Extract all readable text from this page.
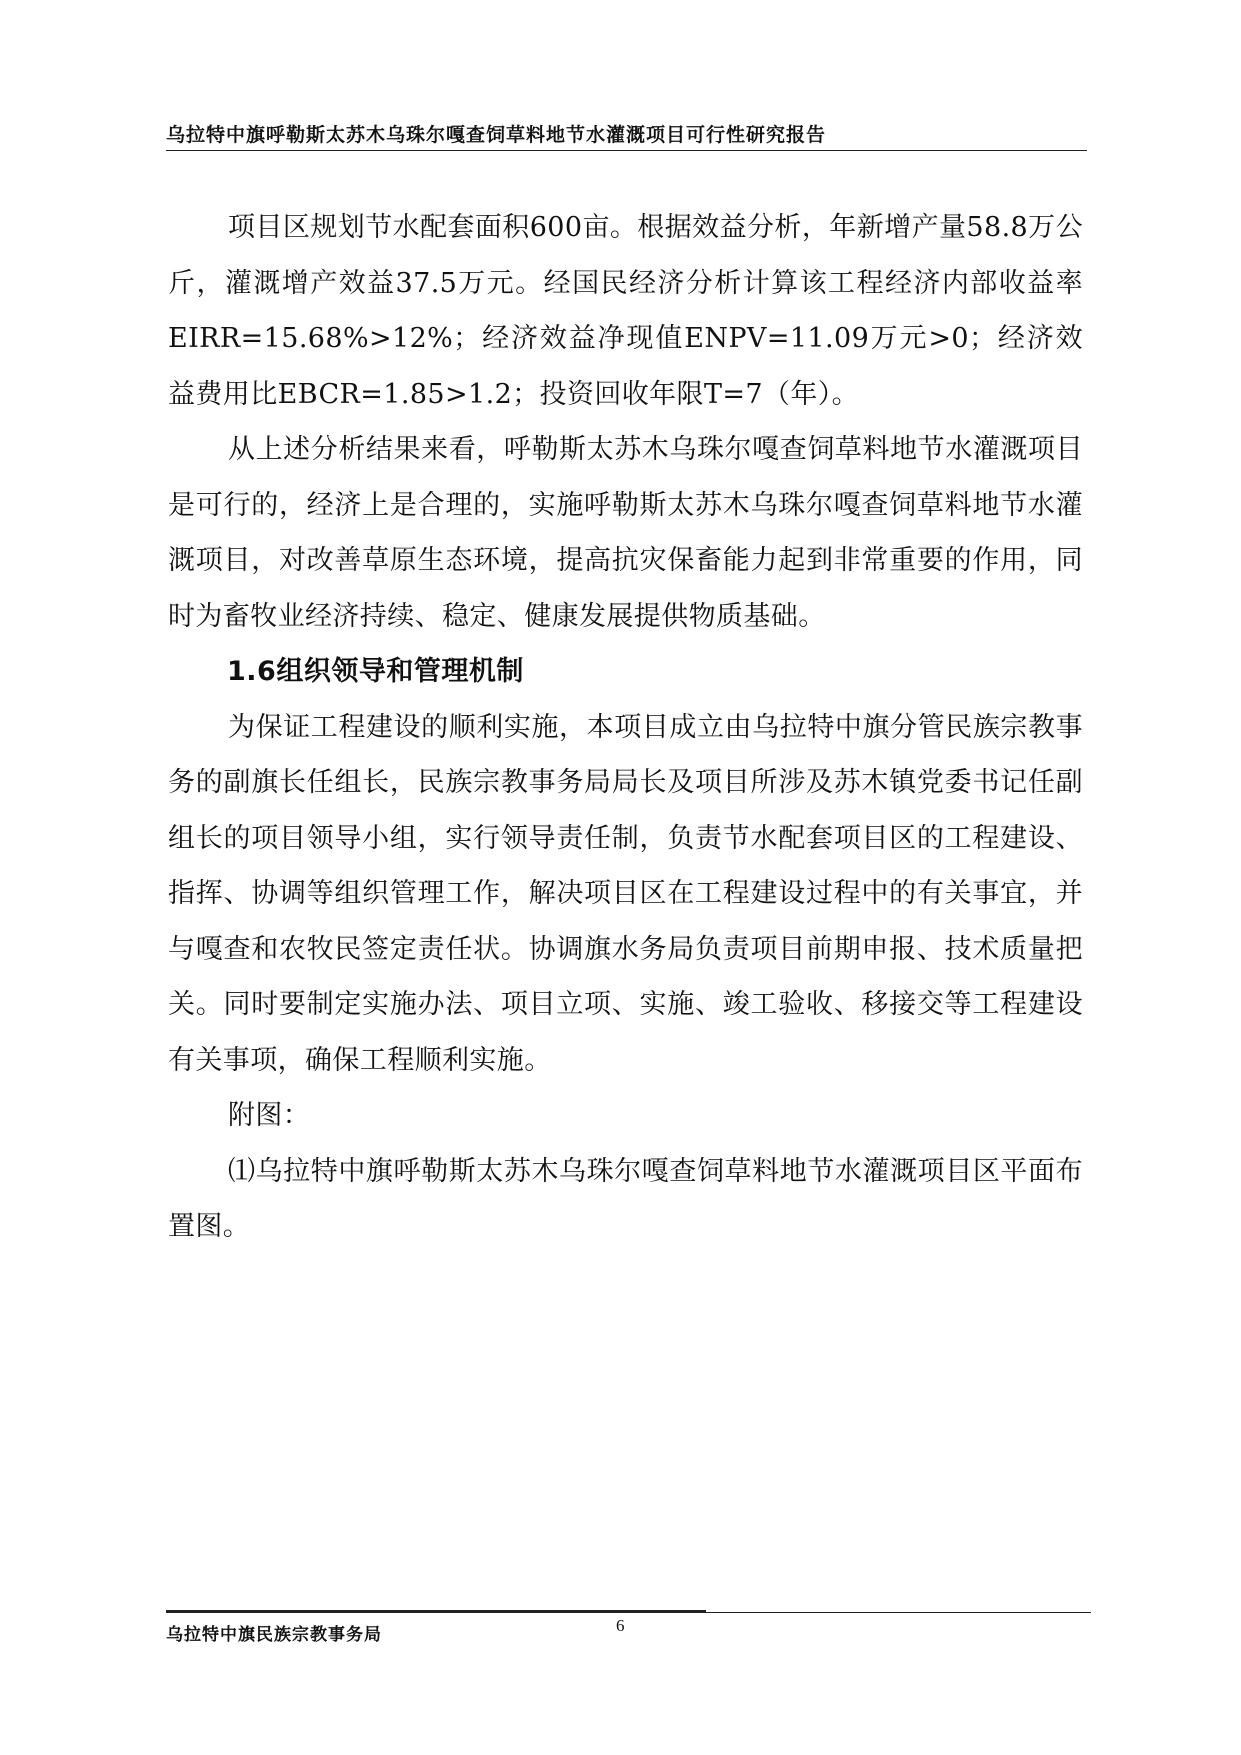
乌拉特中旗呼勒斯太苏木乌珠尔嘎查饲草料地节水灌溉项目可行性研究报告

项目区规划节水配套面积600亩。根据效益分析，年新增产量58.8万公斤，灌溉增产效益37.5万元。经国民经济分析计算该工程经济内部收益率EIRR=15.68%>12%；经济效益净现值ENPV=11.09万元>0；经济效益费用比EBCR=1.85>1.2；投资回收年限T=7（年）。

从上述分析结果来看，呼勒斯太苏木乌珠尔嘎查饲草料地节水灌溉项目是可行的，经济上是合理的，实施呼勒斯太苏木乌珠尔嘎查饲草料地节水灌溉项目，对改善草原生态环境，提高抗灾保畜能力起到非常重要的作用，同时为畜牧业经济持续、稳定、健康发展提供物质基础。

1.6组织领导和管理机制

为保证工程建设的顺利实施，本项目成立由乌拉特中旗分管民族宗教事务的副旗长任组长，民族宗教事务局局长及项目所涉及苏木镇党委书记任副组长的项目领导小组，实行领导责任制，负责节水配套项目区的工程建设、指挥、协调等组织管理工作，解决项目区在工程建设过程中的有关事宜，并与嘎查和农牧民签定责任状。协调旗水务局负责项目前期申报、技术质量把关。同时要制定实施办法、项目立项、实施、竣工验收、移接交等工程建设有关事项，确保工程顺利实施。

附图：

⑴乌拉特中旗呼勒斯太苏木乌珠尔嘎查饲草料地节水灌溉项目区平面布置图。

乌拉特中旗民族宗教事务局	6
